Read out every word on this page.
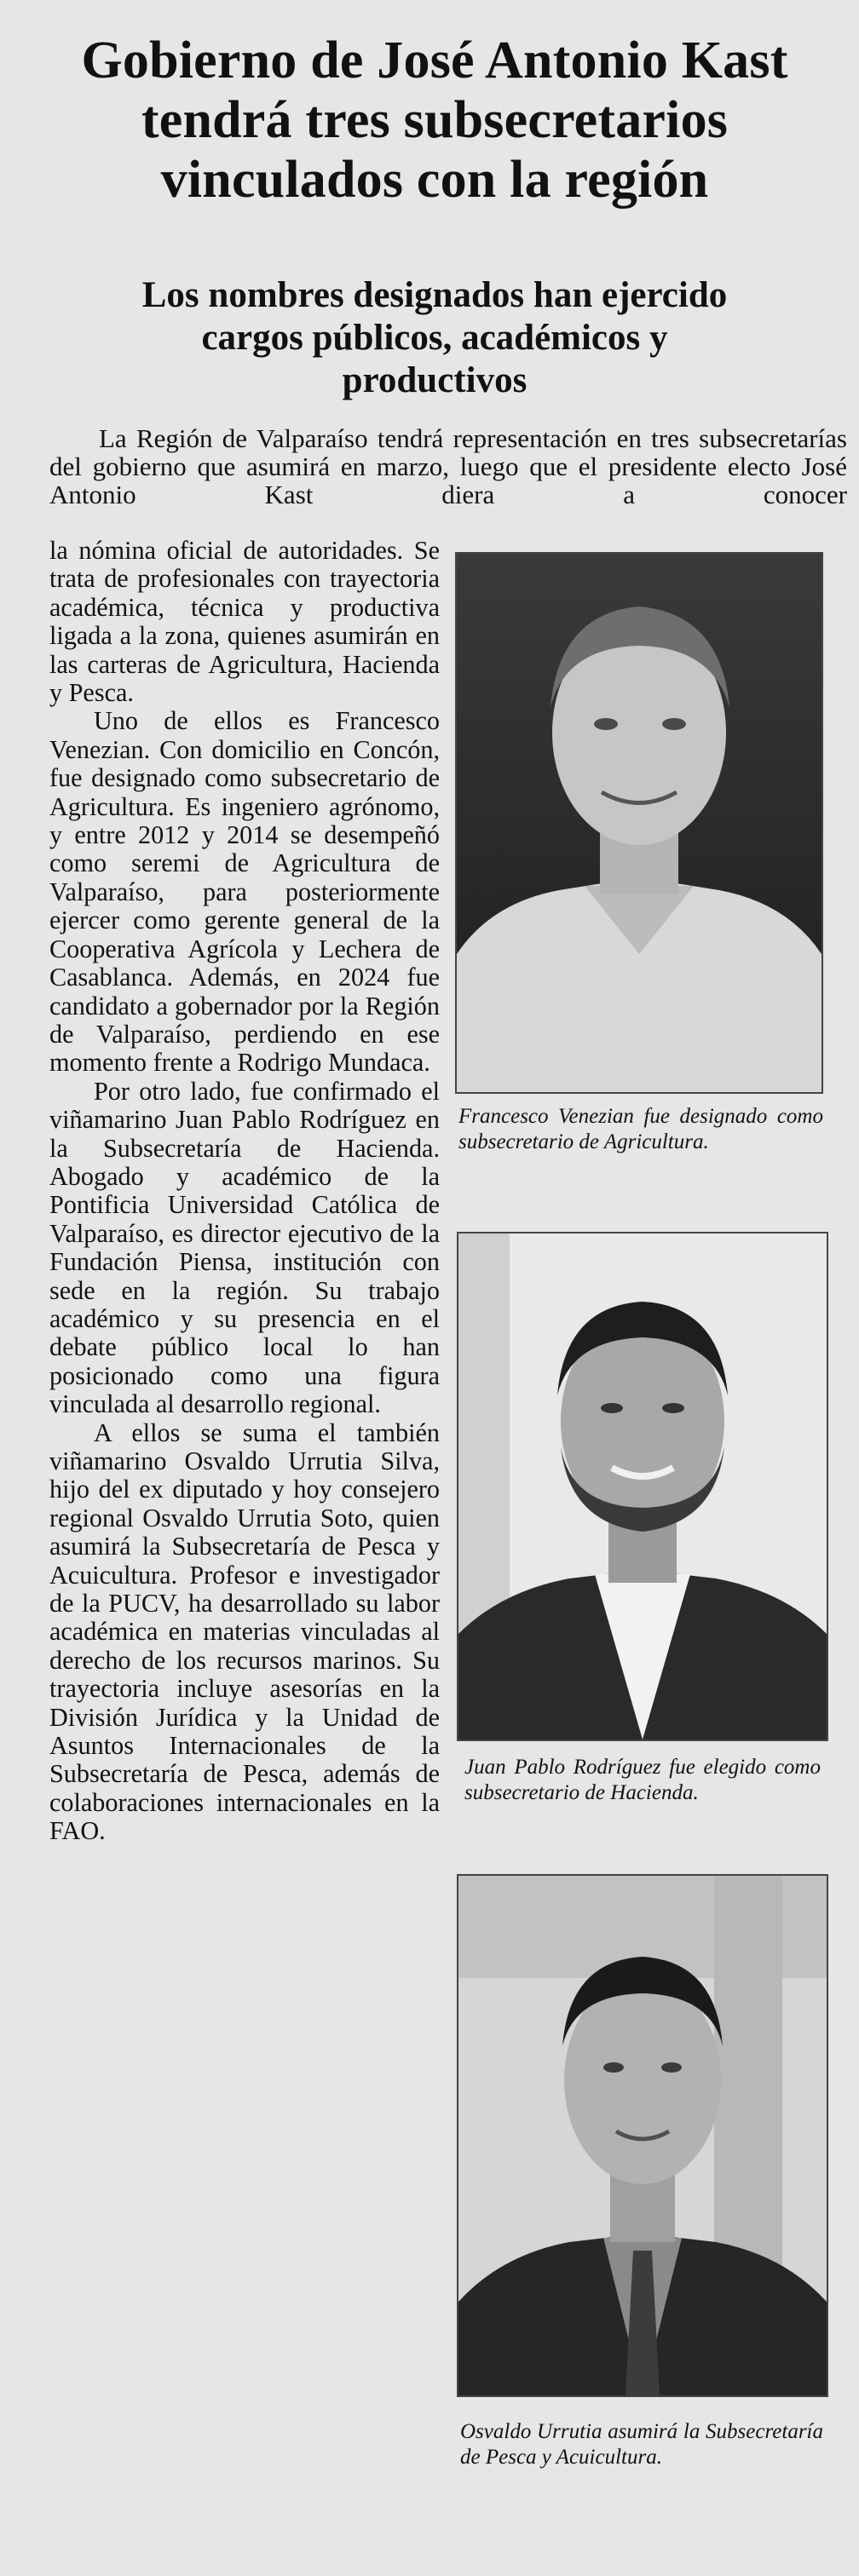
Gobierno de José Antonio Kast tendrá tres subsecretarios vinculados con la región
Los nombres designados han ejercido cargos públicos, académicos y productivos

La Región de Valparaíso tendrá representación en tres subsecretarías del gobierno que asumirá en marzo, luego que el presidente electo José Antonio Kast diera a conocer

la nómina oficial de autoridades. Se trata de profesionales con trayectoria académica, técnica y productiva ligada a la zona, quienes asumirán en las carteras de Agricultura, Hacienda y Pesca.

Uno de ellos es Francesco Venezian. Con domicilio en Concón, fue designado como subsecretario de Agricultura. Es ingeniero agrónomo, y entre 2012 y 2014 se desempeñó como seremi de Agricultura de Valparaíso, para posteriormente ejercer como gerente general de la Cooperativa Agrícola y Lechera de Casablanca. Además, en 2024 fue candidato a gobernador por la Región de Valparaíso, perdiendo en ese momento frente a Rodrigo Mundaca.

Por otro lado, fue confirmado el viñamarino Juan Pablo Rodríguez en la Subsecretaría de Hacienda. Abogado y académico de la Pontificia Universidad Católica de Valparaíso, es director ejecutivo de la Fundación Piensa, institución con sede en la región. Su trabajo académico y su presencia en el debate público local lo han posicionado como una figura vinculada al desarrollo regional.

A ellos se suma el también viñamarino Osvaldo Urrutia Silva, hijo del ex diputado y hoy consejero regional Osvaldo Urrutia Soto, quien asumirá la Subsecretaría de Pesca y Acuicultura. Profesor e investigador de la PUCV, ha desarrollado su labor académica en materias vinculadas al derecho de los recursos marinos. Su trayectoria incluye asesorías en la División Jurídica y la Unidad de Asuntos Internacionales de la Subsecretaría de Pesca, además de colaboraciones internacionales en la FAO.

Francesco Venezian fue designado como subsecretario de Agricultura.

Juan Pablo Rodríguez fue elegido como subsecretario de Hacienda.

Osvaldo Urrutia asumirá la Subsecretaría de Pesca y Acuicultura.
